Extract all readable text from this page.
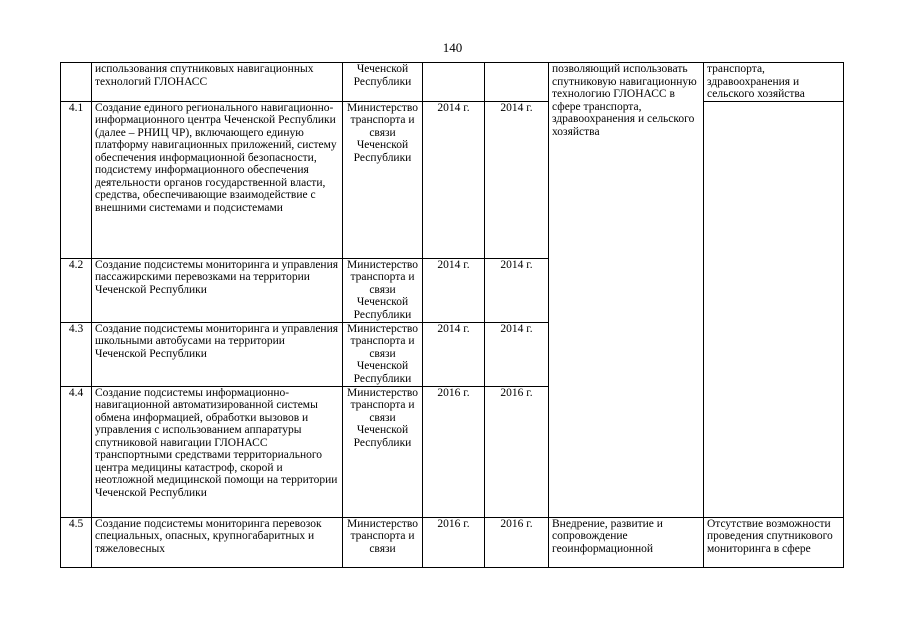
140
	использования спутниковых навигационных технологий ГЛОНАСС	Чеченской Республики			позволяющий использовать спутниковую навигационную технологию ГЛОНАСС в сфере транспорта, здравоохранения и сельского хозяйства	транспорта, здравоохранения и сельского хозяйства
4.1	Создание единого регионального навигационно-информационного центра Чеченской Республики (далее – РНИЦ ЧР), включающего единую платформу навигационных приложений, систему обеспечения информационной безопасности, подсистему информационного обеспечения деятельности органов государственной власти, средства, обеспечивающие взаимодействие с внешними системами и подсистемами	Министерство транспорта и связи Чеченской Республики	2014 г.	2014 г.		
4.2	Создание подсистемы мониторинга и управления пассажирскими перевозками на территории Чеченской Республики	Министерство транспорта и связи Чеченской Республики	2014 г.	2014 г.		
4.3	Создание подсистемы мониторинга и управления школьными автобусами на территории Чеченской Республики	Министерство транспорта и связи Чеченской Республики	2014 г.	2014 г.		
4.4	Создание подсистемы информационно-навигационной автоматизированной системы обмена информацией, обработки вызовов и управления с использованием аппаратуры спутниковой навигации ГЛОНАСС транспортными средствами территориального центра медицины катастроф, скорой и неотложной медицинской помощи на территории Чеченской Республики	Министерство транспорта и связи Чеченской Республики	2016 г.	2016 г.		
4.5	Создание подсистемы мониторинга перевозок специальных, опасных, крупногабаритных и тяжеловесных	Министерство транспорта и связи	2016 г.	2016 г.	Внедрение, развитие и сопровождение геоинформационной	Отсутствие возможности проведения спутникового мониторинга в сфере
